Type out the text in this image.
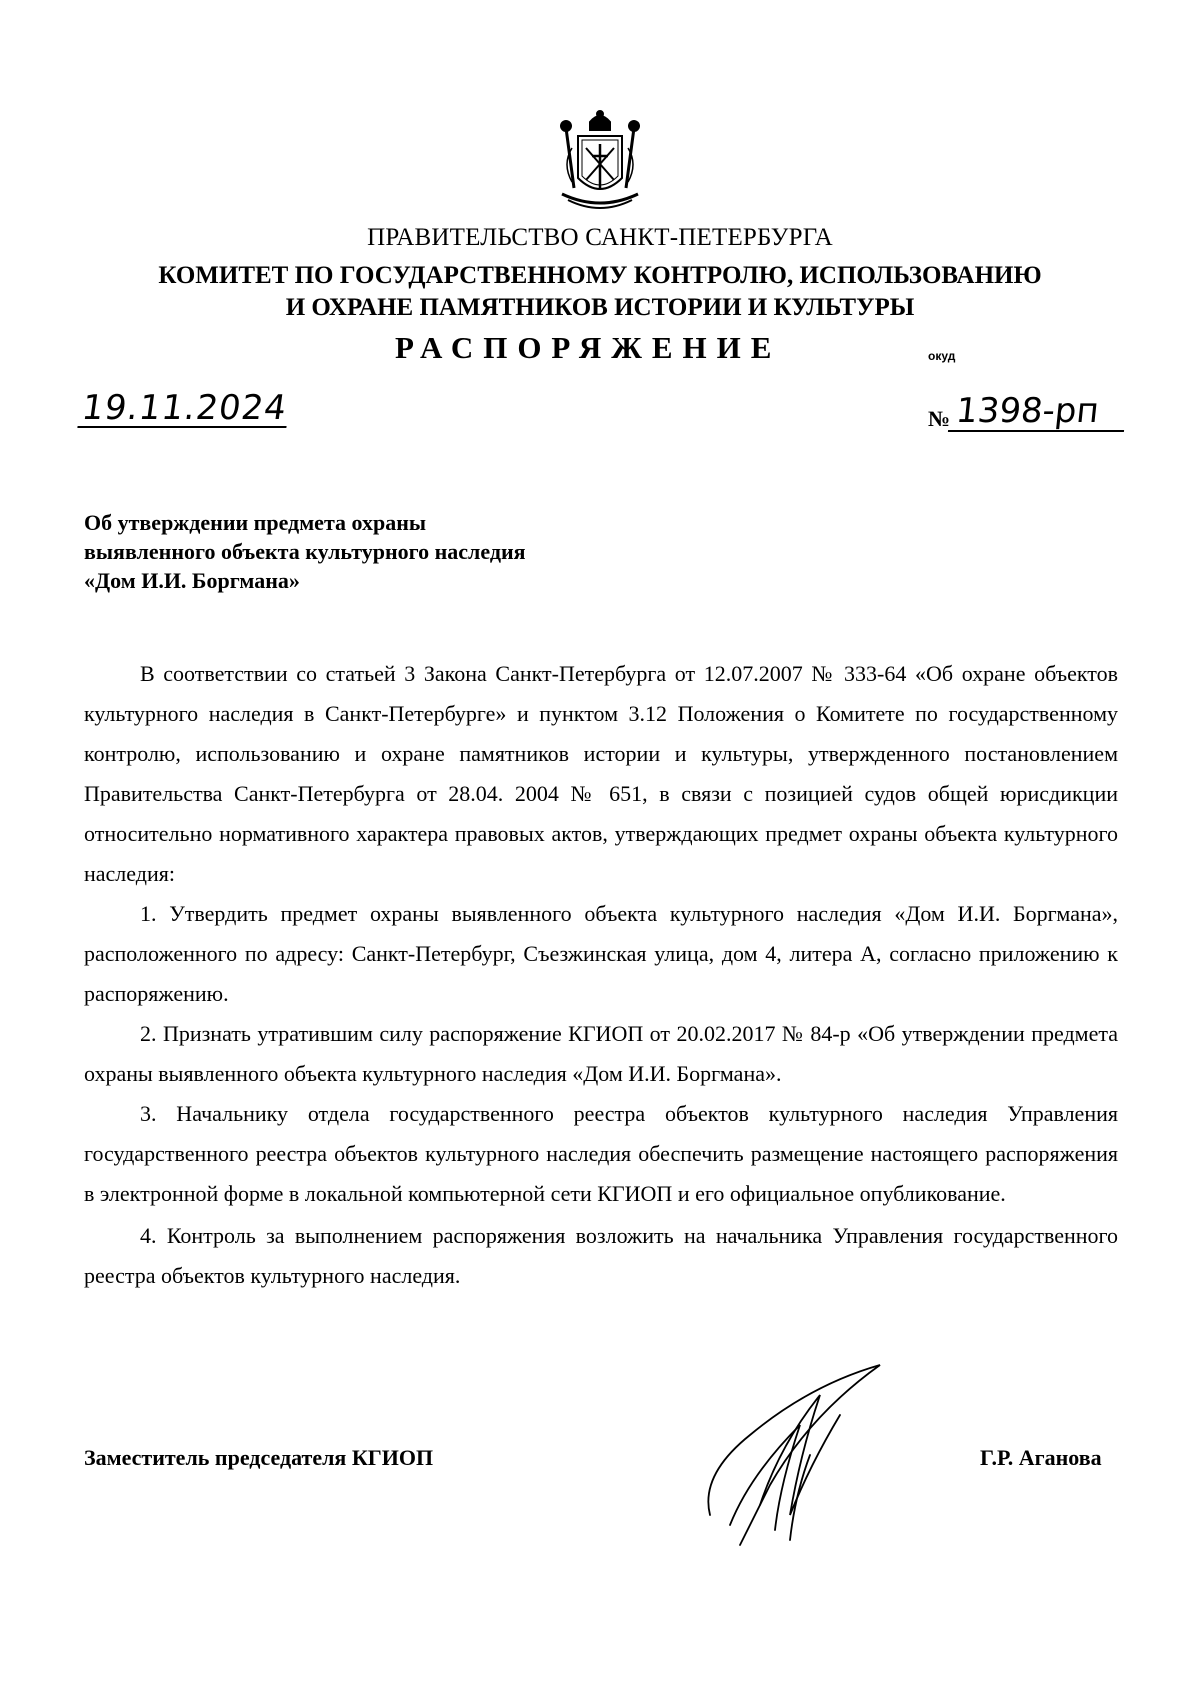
ПРАВИТЕЛЬСТВО САНКТ-ПЕТЕРБУРГА
КОМИТЕТ ПО ГОСУДАРСТВЕННОМУ КОНТРОЛЮ, ИСПОЛЬЗОВАНИЮ
И ОХРАНЕ ПАМЯТНИКОВ ИСТОРИИ И КУЛЬТУРЫ
РАСПОРЯЖЕНИЕ	окуд
19.11.2024	№ 1398-рп
Об утверждении предмета охраны
выявленного объекта культурного наследия
«Дом И.И. Боргмана»

В соответствии со статьей 3 Закона Санкт-Петербурга от 12.07.2007 № 333-64 «Об охране объектов культурного наследия в Санкт-Петербурге» и пунктом 3.12 Положения о Комитете по государственному контролю, использованию и охране памятников истории и культуры, утвержденного постановлением Правительства Санкт-Петербурга от 28.04. 2004 № 651, в связи с позицией судов общей юрисдикции относительно нормативного характера правовых актов, утверждающих предмет охраны объекта культурного наследия:

1. Утвердить предмет охраны выявленного объекта культурного наследия «Дом И.И. Боргмана», расположенного по адресу: Санкт-Петербург, Съезжинская улица, дом 4, литера А, согласно приложению к распоряжению.

2. Признать утратившим силу распоряжение КГИОП от 20.02.2017 № 84-р «Об утверждении предмета охраны выявленного объекта культурного наследия «Дом И.И. Боргмана».

3. Начальнику отдела государственного реестра объектов культурного наследия Управления государственного реестра объектов культурного наследия обеспечить размещение настоящего распоряжения в электронной форме в локальной компьютерной сети КГИОП и его официальное опубликование.

4. Контроль за выполнением распоряжения возложить на начальника Управления государственного реестра объектов культурного наследия.

Заместитель председателя КГИОП	Г.Р. Аганова
